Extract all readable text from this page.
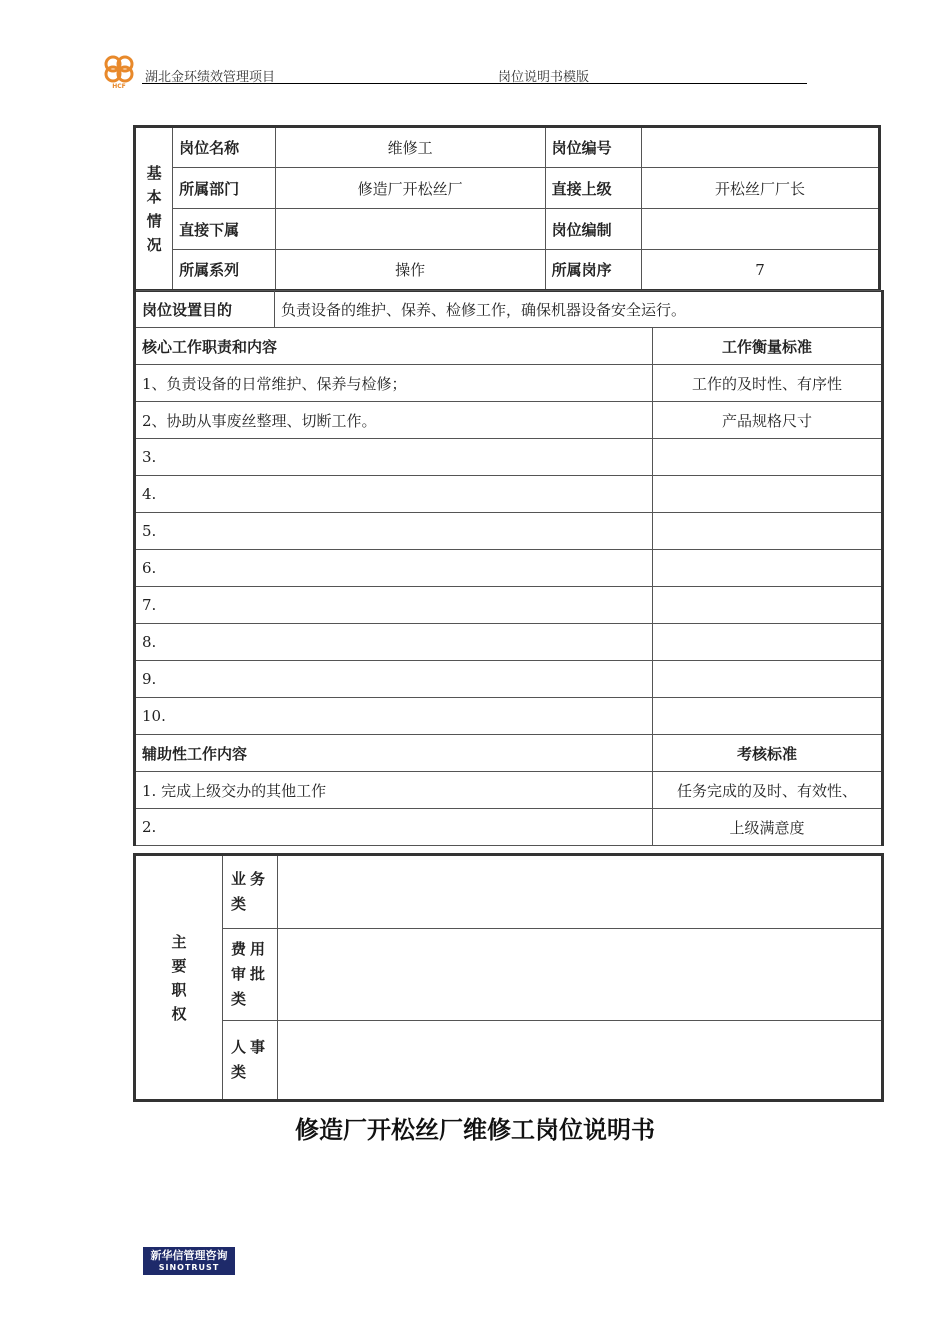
HCF
湖北金环绩效管理项目	岗位说明书模版
基
本
情
况	岗位名称	维修工	岗位编号	
	所属部门	修造厂开松丝厂	直接上级	开松丝厂厂长
	直接下属		岗位编制	
	所属系列	操作	所属岗序	7
岗位设置目的	负责设备的维护、保养、检修工作，确保机器设备安全运行。	
核心工作职责和内容		工作衡量标准
1、负责设备的日常维护、保养与检修；		工作的及时性、有序性
2、协助从事废丝整理、切断工作。		产品规格尺寸
3.		
4.		
5.		
6.		
7.		
8.		
9.		
10.		
辅助性工作内容		考核标准
1. 完成上级交办的其他工作		任务完成的及时、有效性、
2.		上级满意度
主
要
职
权	业务类	
	费用审批类	
	人事类	
修造厂开松丝厂维修工岗位说明书
新华信管理咨询
SINOTRUST
